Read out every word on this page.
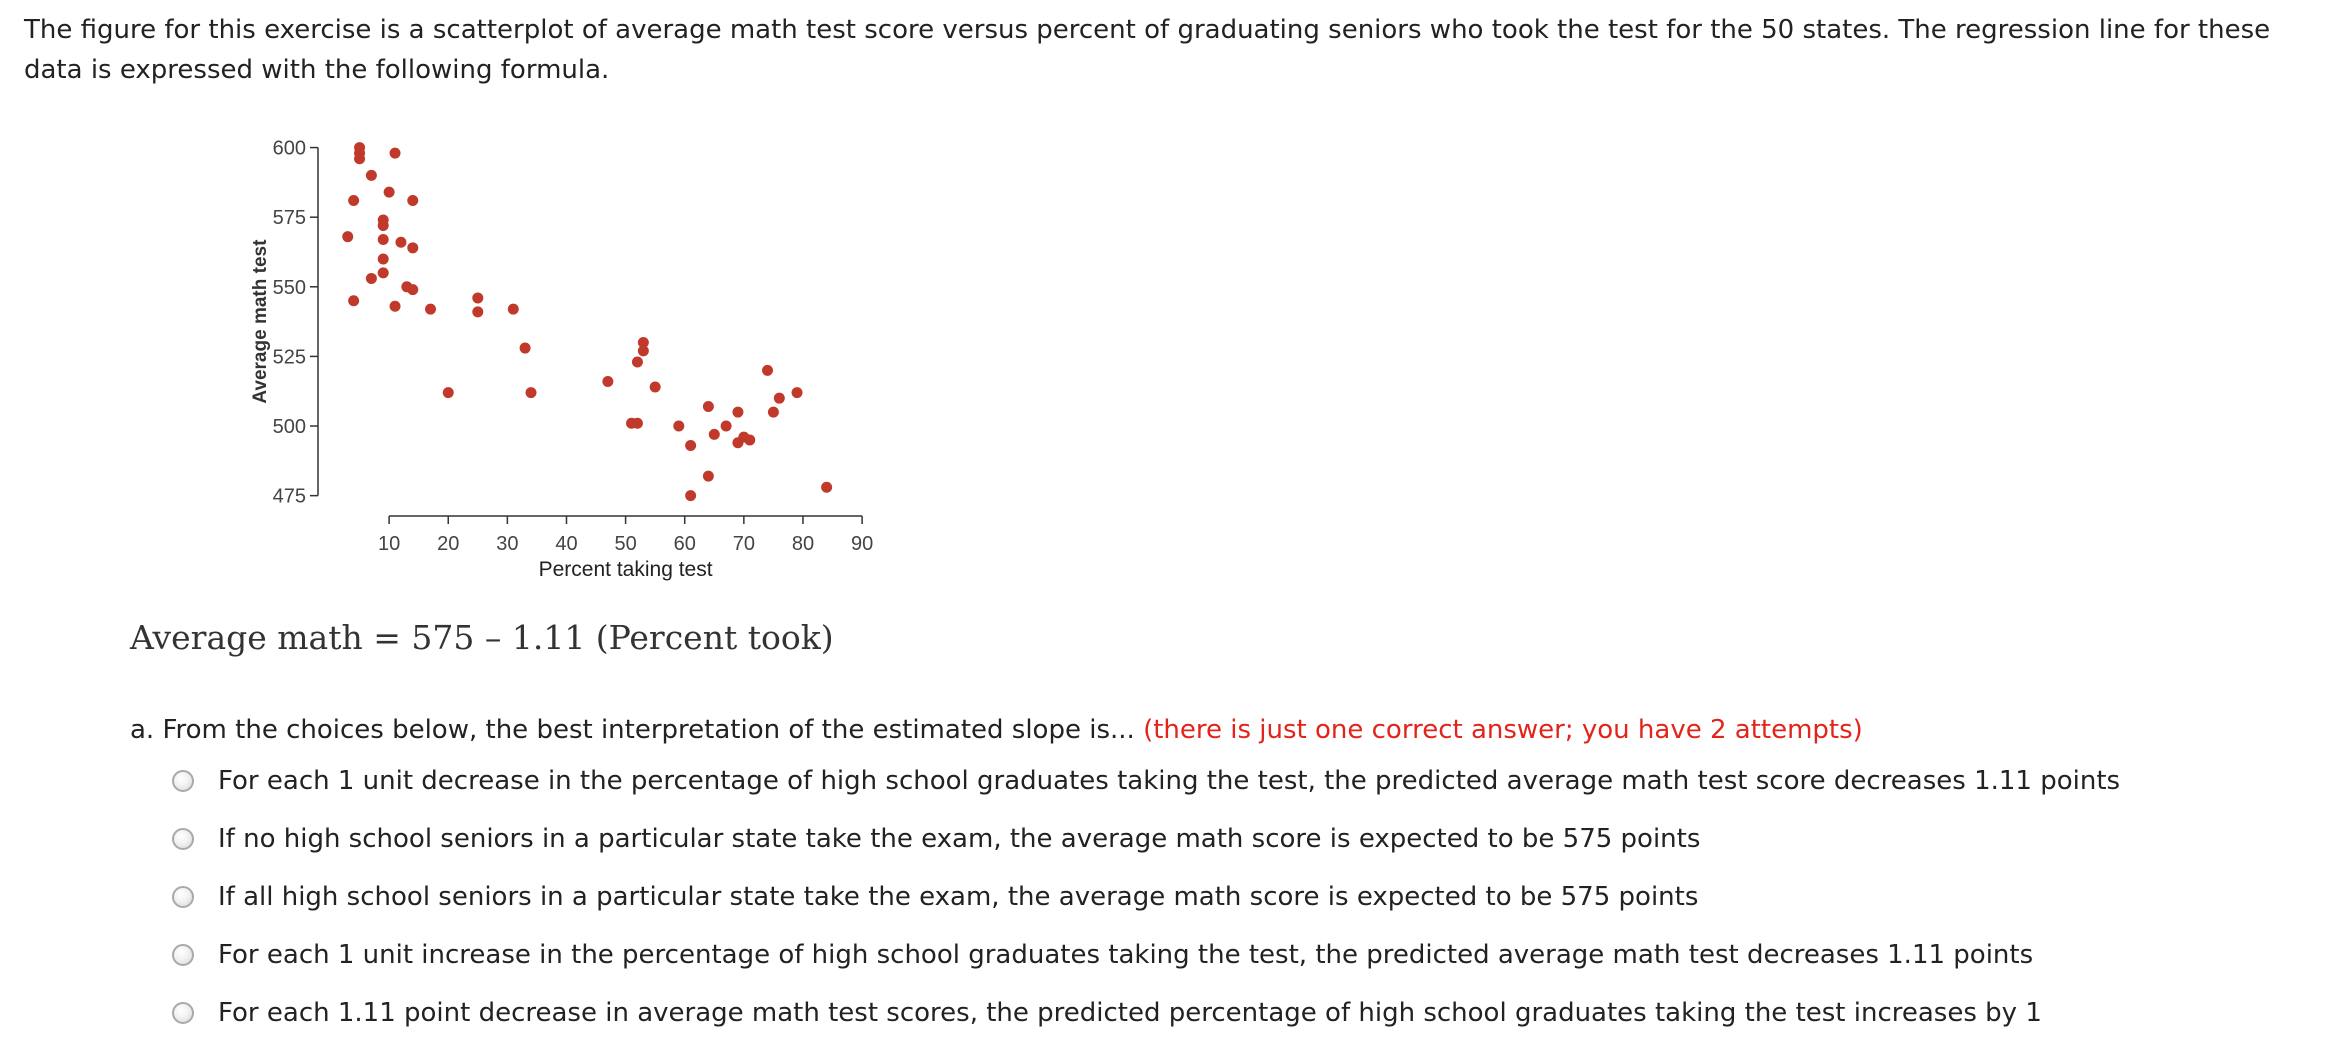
The figure for this exercise is a scatterplot of average math test score versus percent of graduating seniors who took the test for the 50 states. The regression line for these data is expressed with the following formula.

475
500
525
550
575
600
10 20 30 40 50 60 70 80 90
Percent taking test
Average math test
Average math = 575 – 1.11 (Percent took)

a. From the choices below, the best interpretation of the estimated slope is... (there is just one correct answer; you have 2 attempts)

For each 1 unit decrease in the percentage of high school graduates taking the test, the predicted average math test score decreases 1.11 points
If no high school seniors in a particular state take the exam, the average math score is expected to be 575 points
If all high school seniors in a particular state take the exam, the average math score is expected to be 575 points
For each 1 unit increase in the percentage of high school graduates taking the test, the predicted average math test decreases 1.11 points
For each 1.11 point decrease in average math test scores, the predicted percentage of high school graduates taking the test increases by 1
